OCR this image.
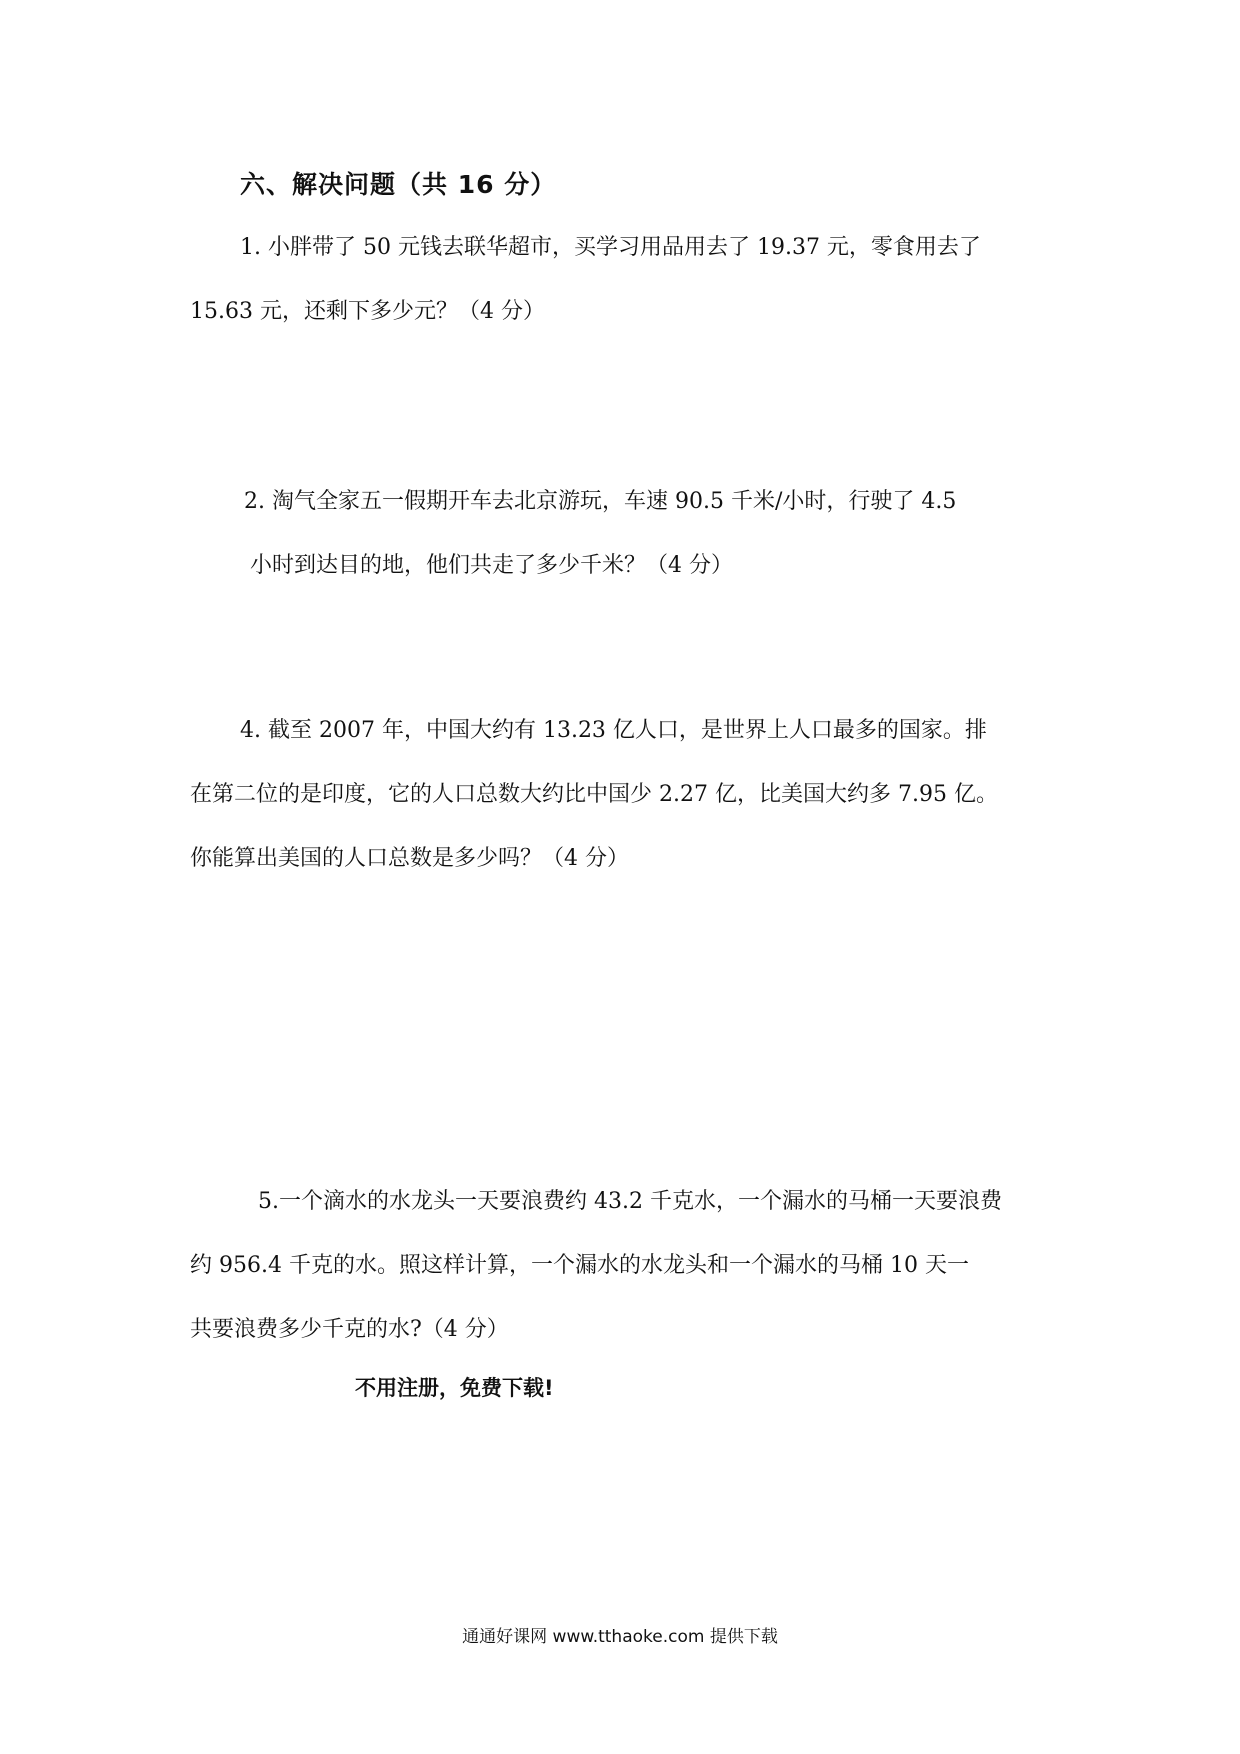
六、解决问题（共 16 分）
1. 小胖带了 50 元钱去联华超市，买学习用品用去了 19.37 元，零食用去了
15.63 元，还剩下多少元？（4 分）
2. 淘气全家五一假期开车去北京游玩，车速 90.5 千米/小时，行驶了 4.5
小时到达目的地，他们共走了多少千米？（4 分）
4. 截至 2007 年，中国大约有 13.23 亿人口，是世界上人口最多的国家。排
在第二位的是印度，它的人口总数大约比中国少 2.27 亿，比美国大约多 7.95 亿。
你能算出美国的人口总数是多少吗？（4 分）
5.一个滴水的水龙头一天要浪费约 43.2 千克水，一个漏水的马桶一天要浪费
约 956.4 千克的水。照这样计算，一个漏水的水龙头和一个漏水的马桶 10 天一
共要浪费多少千克的水?（4 分）
不用注册，免费下载!
通通好课网 www.tthaoke.com 提供下载
